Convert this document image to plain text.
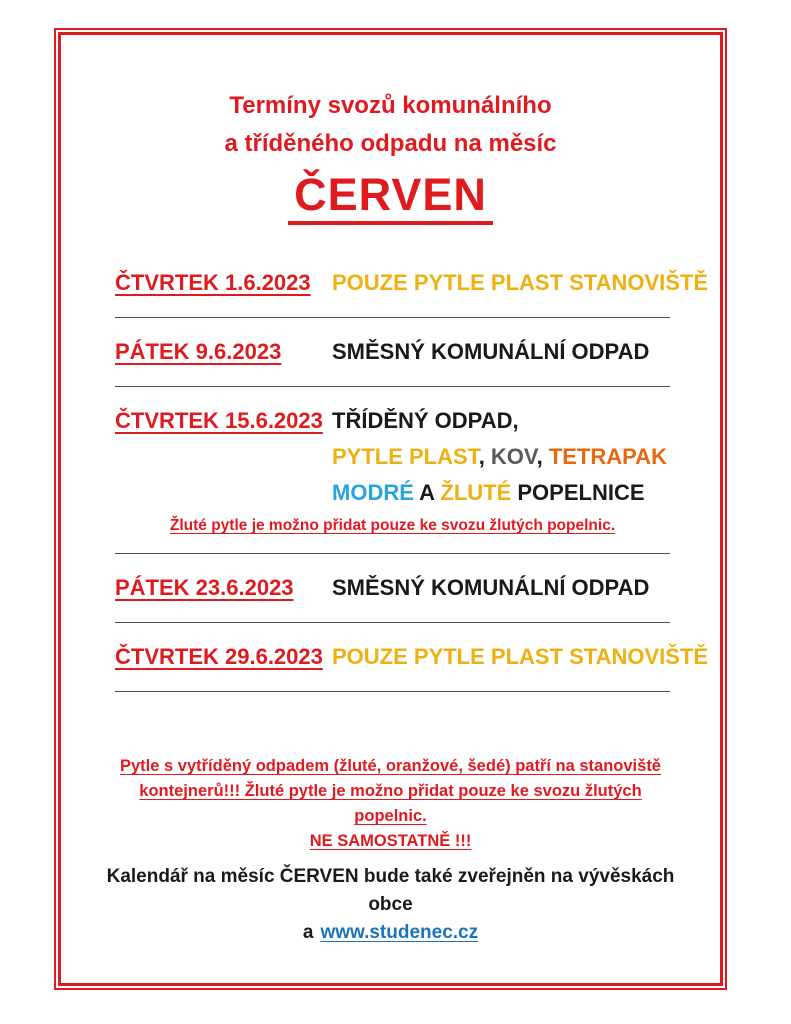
Termíny svozů komunálního
a tříděného odpadu na měsíc
ČERVEN
ČTVRTEK 1.6.2023 POUZE PYTLE PLAST STANOVIŠTĚ
PÁTEK 9.6.2023	SMĚSNÝ KOMUNÁLNÍ ODPAD
ČTVRTEK 15.6.2023 TŘÍDĚNÝ ODPAD,
PYTLE PLAST, KOV, TETRAPAK
MODRÉ A ŽLUTÉ POPELNICE
Žluté pytle je možno přidat pouze ke svozu žlutých popelnic.
PÁTEK 23.6.2023	SMĚSNÝ KOMUNÁLNÍ ODPAD
ČTVRTEK 29.6.2023 POUZE PYTLE PLAST STANOVIŠTĚ
Pytle s vytříděný odpadem (žluté, oranžové, šedé) patří na stanoviště
kontejnerů!!! Žluté pytle je možno přidat pouze ke svozu žlutých popelnic.
NE SAMOSTATNĚ !!!
Kalendář na měsíc ČERVEN bude také zveřejněn na vývěskách obce
a www.studenec.cz
